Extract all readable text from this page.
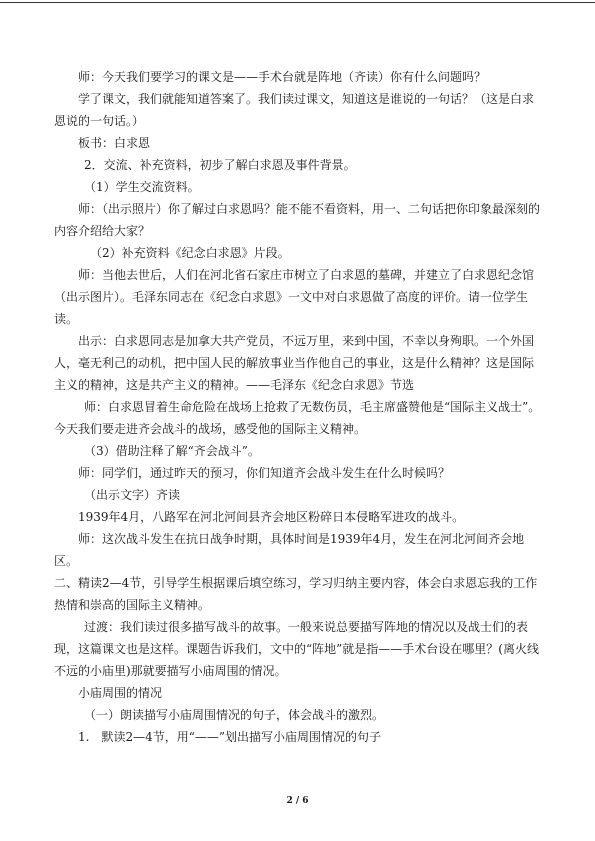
师：今天我们要学习的课文是——手术台就是阵地（齐读）你有什么问题吗？

学了课文，我们就能知道答案了。我们读过课文，知道这是谁说的一句话？（这是白求恩说的一句话。）

板书：白求恩

2．交流、补充资料，初步了解白求恩及事件背景。

（1）学生交流资料。

师：（出示照片）你了解过白求恩吗？能不能不看资料，用一、二句话把你印象最深刻的内容介绍给大家？

（2）补充资料《纪念白求恩》片段。

师：当他去世后，人们在河北省石家庄市树立了白求恩的墓碑，并建立了白求恩纪念馆（出示图片）。毛泽东同志在《纪念白求恩》一文中对白求恩做了高度的评价。请一位学生读。

出示：白求恩同志是加拿大共产党员，不远万里，来到中国，不幸以身殉职。一个外国人，毫无利己的动机，把中国人民的解放事业当作他自己的事业，这是什么精神？这是国际主义的精神，这是共产主义的精神。——毛泽东《纪念白求恩》节选

师：白求恩冒着生命危险在战场上抢救了无数伤员，毛主席盛赞他是“国际主义战士”。今天我们要走进齐会战斗的战场，感受他的国际主义精神。

（3）借助注释了解“齐会战斗”。

师：同学们，通过昨天的预习，你们知道齐会战斗发生在什么时候吗？

（出示文字）齐读

1939年4月，八路军在河北河间县齐会地区粉碎日本侵略军进攻的战斗。

师：这次战斗发生在抗日战争时期，具体时间是1939年4月，发生在河北河间齐会地区。

二、精读2—4节，引导学生根据课后填空练习，学习归纳主要内容，体会白求恩忘我的工作热情和崇高的国际主义精神。

过渡：我们读过很多描写战斗的故事。一般来说总要描写阵地的情况以及战士们的表现，这篇课文也是这样。课题告诉我们，文中的“阵地”就是指——手术台设在哪里？(离火线不远的小庙里)那就要描写小庙周围的情况。

小庙周围的情况

（一）朗读描写小庙周围情况的句子，体会战斗的激烈。

1.　默读2—4节，用“——”划出描写小庙周围情况的句子

2 / 6
